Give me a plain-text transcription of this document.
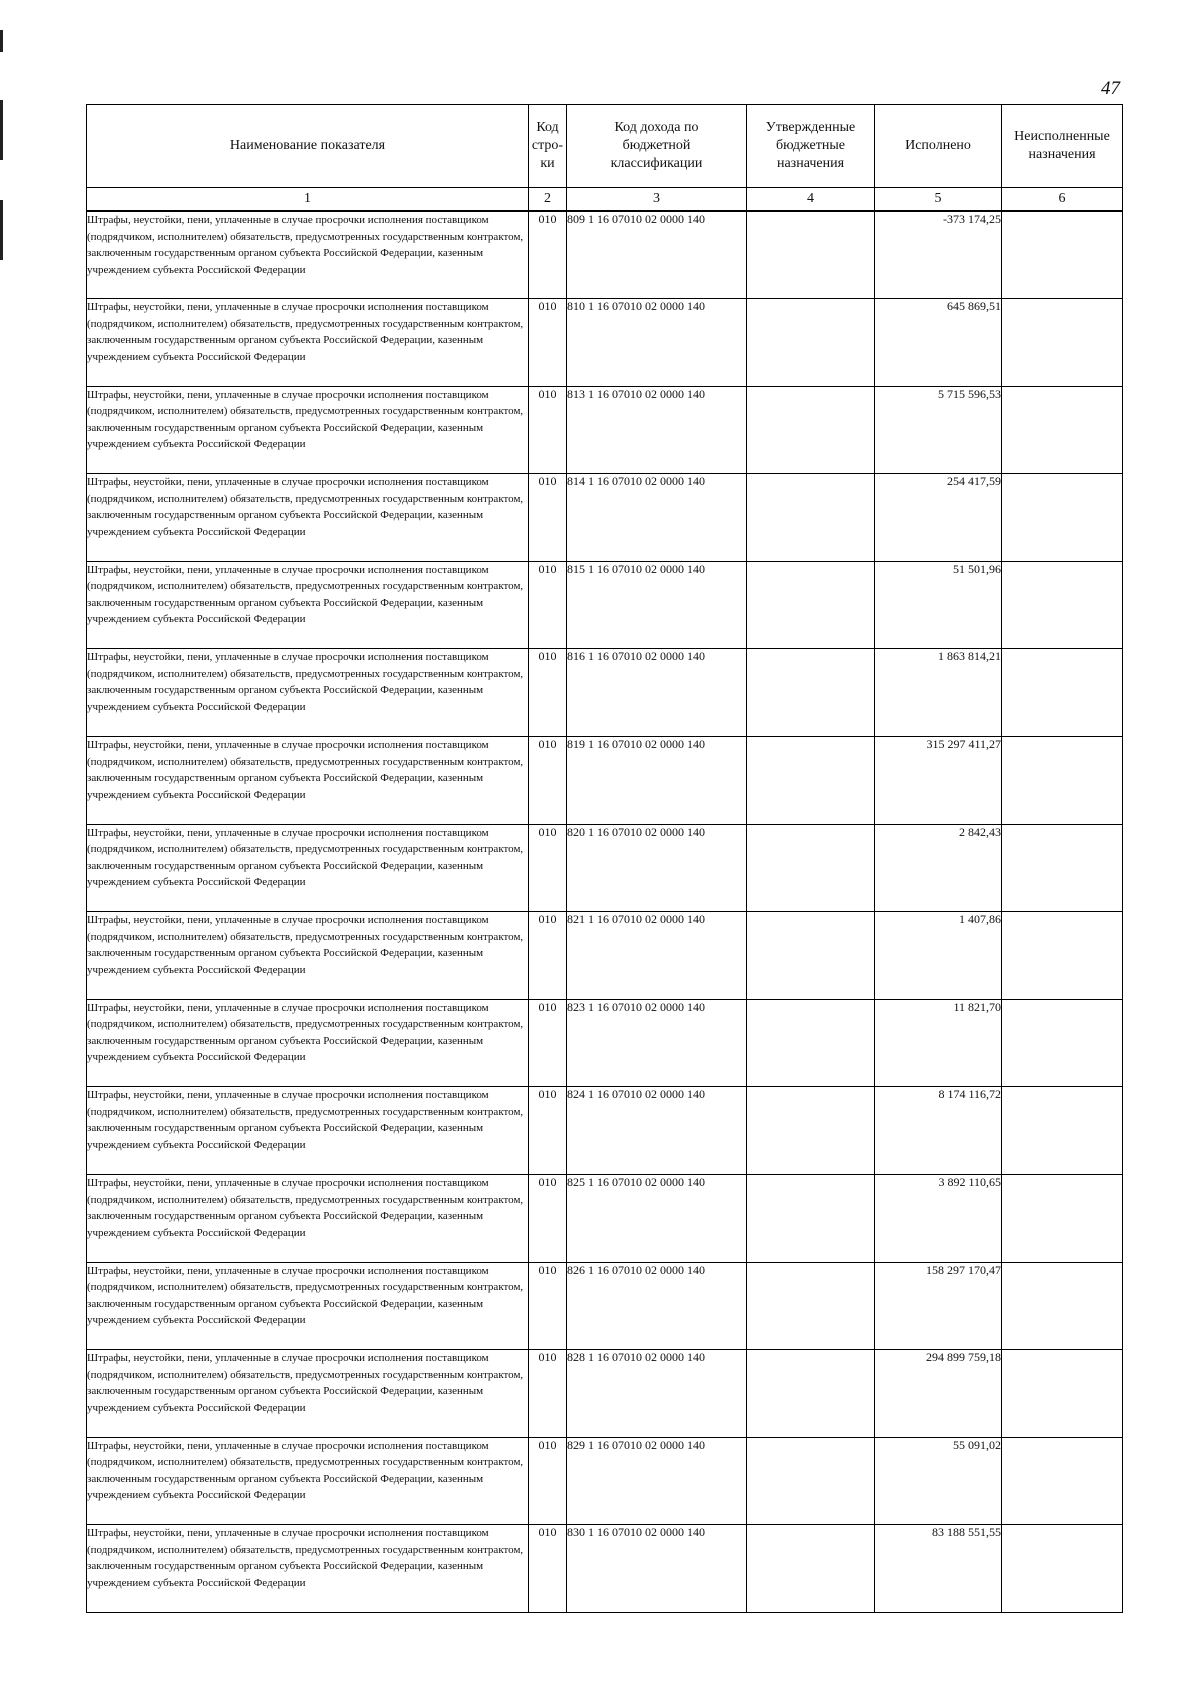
47
Наименование показателя	Код
стро-
ки	Код дохода по
бюджетной
классификации	Утвержденные
бюджетные
назначения	Исполнено	Неисполненные
назначения

1	2	3	4	5	6
Штрафы, неустойки, пени, уплаченные в случае просрочки исполнения поставщиком (подрядчиком, исполнителем) обязательств, предусмотренных государственным контрактом, заключенным государственным органом субъекта Российской Федерации, казенным учреждением субъекта Российской Федерации	010	809 1 16 07010 02 0000 140		-373 174,25	
Штрафы, неустойки, пени, уплаченные в случае просрочки исполнения поставщиком (подрядчиком, исполнителем) обязательств, предусмотренных государственным контрактом, заключенным государственным органом субъекта Российской Федерации, казенным учреждением субъекта Российской Федерации	010	810 1 16 07010 02 0000 140		645 869,51	
Штрафы, неустойки, пени, уплаченные в случае просрочки исполнения поставщиком (подрядчиком, исполнителем) обязательств, предусмотренных государственным контрактом, заключенным государственным органом субъекта Российской Федерации, казенным учреждением субъекта Российской Федерации	010	813 1 16 07010 02 0000 140		5 715 596,53	
Штрафы, неустойки, пени, уплаченные в случае просрочки исполнения поставщиком (подрядчиком, исполнителем) обязательств, предусмотренных государственным контрактом, заключенным государственным органом субъекта Российской Федерации, казенным учреждением субъекта Российской Федерации	010	814 1 16 07010 02 0000 140		254 417,59	
Штрафы, неустойки, пени, уплаченные в случае просрочки исполнения поставщиком (подрядчиком, исполнителем) обязательств, предусмотренных государственным контрактом, заключенным государственным органом субъекта Российской Федерации, казенным учреждением субъекта Российской Федерации	010	815 1 16 07010 02 0000 140		51 501,96	
Штрафы, неустойки, пени, уплаченные в случае просрочки исполнения поставщиком (подрядчиком, исполнителем) обязательств, предусмотренных государственным контрактом, заключенным государственным органом субъекта Российской Федерации, казенным учреждением субъекта Российской Федерации	010	816 1 16 07010 02 0000 140		1 863 814,21	
Штрафы, неустойки, пени, уплаченные в случае просрочки исполнения поставщиком (подрядчиком, исполнителем) обязательств, предусмотренных государственным контрактом, заключенным государственным органом субъекта Российской Федерации, казенным учреждением субъекта Российской Федерации	010	819 1 16 07010 02 0000 140		315 297 411,27	
Штрафы, неустойки, пени, уплаченные в случае просрочки исполнения поставщиком (подрядчиком, исполнителем) обязательств, предусмотренных государственным контрактом, заключенным государственным органом субъекта Российской Федерации, казенным учреждением субъекта Российской Федерации	010	820 1 16 07010 02 0000 140		2 842,43	
Штрафы, неустойки, пени, уплаченные в случае просрочки исполнения поставщиком (подрядчиком, исполнителем) обязательств, предусмотренных государственным контрактом, заключенным государственным органом субъекта Российской Федерации, казенным учреждением субъекта Российской Федерации	010	821 1 16 07010 02 0000 140		1 407,86	
Штрафы, неустойки, пени, уплаченные в случае просрочки исполнения поставщиком (подрядчиком, исполнителем) обязательств, предусмотренных государственным контрактом, заключенным государственным органом субъекта Российской Федерации, казенным учреждением субъекта Российской Федерации	010	823 1 16 07010 02 0000 140		11 821,70	
Штрафы, неустойки, пени, уплаченные в случае просрочки исполнения поставщиком (подрядчиком, исполнителем) обязательств, предусмотренных государственным контрактом, заключенным государственным органом субъекта Российской Федерации, казенным учреждением субъекта Российской Федерации	010	824 1 16 07010 02 0000 140		8 174 116,72	
Штрафы, неустойки, пени, уплаченные в случае просрочки исполнения поставщиком (подрядчиком, исполнителем) обязательств, предусмотренных государственным контрактом, заключенным государственным органом субъекта Российской Федерации, казенным учреждением субъекта Российской Федерации	010	825 1 16 07010 02 0000 140		3 892 110,65	
Штрафы, неустойки, пени, уплаченные в случае просрочки исполнения поставщиком (подрядчиком, исполнителем) обязательств, предусмотренных государственным контрактом, заключенным государственным органом субъекта Российской Федерации, казенным учреждением субъекта Российской Федерации	010	826 1 16 07010 02 0000 140		158 297 170,47	
Штрафы, неустойки, пени, уплаченные в случае просрочки исполнения поставщиком (подрядчиком, исполнителем) обязательств, предусмотренных государственным контрактом, заключенным государственным органом субъекта Российской Федерации, казенным учреждением субъекта Российской Федерации	010	828 1 16 07010 02 0000 140		294 899 759,18	
Штрафы, неустойки, пени, уплаченные в случае просрочки исполнения поставщиком (подрядчиком, исполнителем) обязательств, предусмотренных государственным контрактом, заключенным государственным органом субъекта Российской Федерации, казенным учреждением субъекта Российской Федерации	010	829 1 16 07010 02 0000 140		55 091,02	
Штрафы, неустойки, пени, уплаченные в случае просрочки исполнения поставщиком (подрядчиком, исполнителем) обязательств, предусмотренных государственным контрактом, заключенным государственным органом субъекта Российской Федерации, казенным учреждением субъекта Российской Федерации	010	830 1 16 07010 02 0000 140		83 188 551,55	
